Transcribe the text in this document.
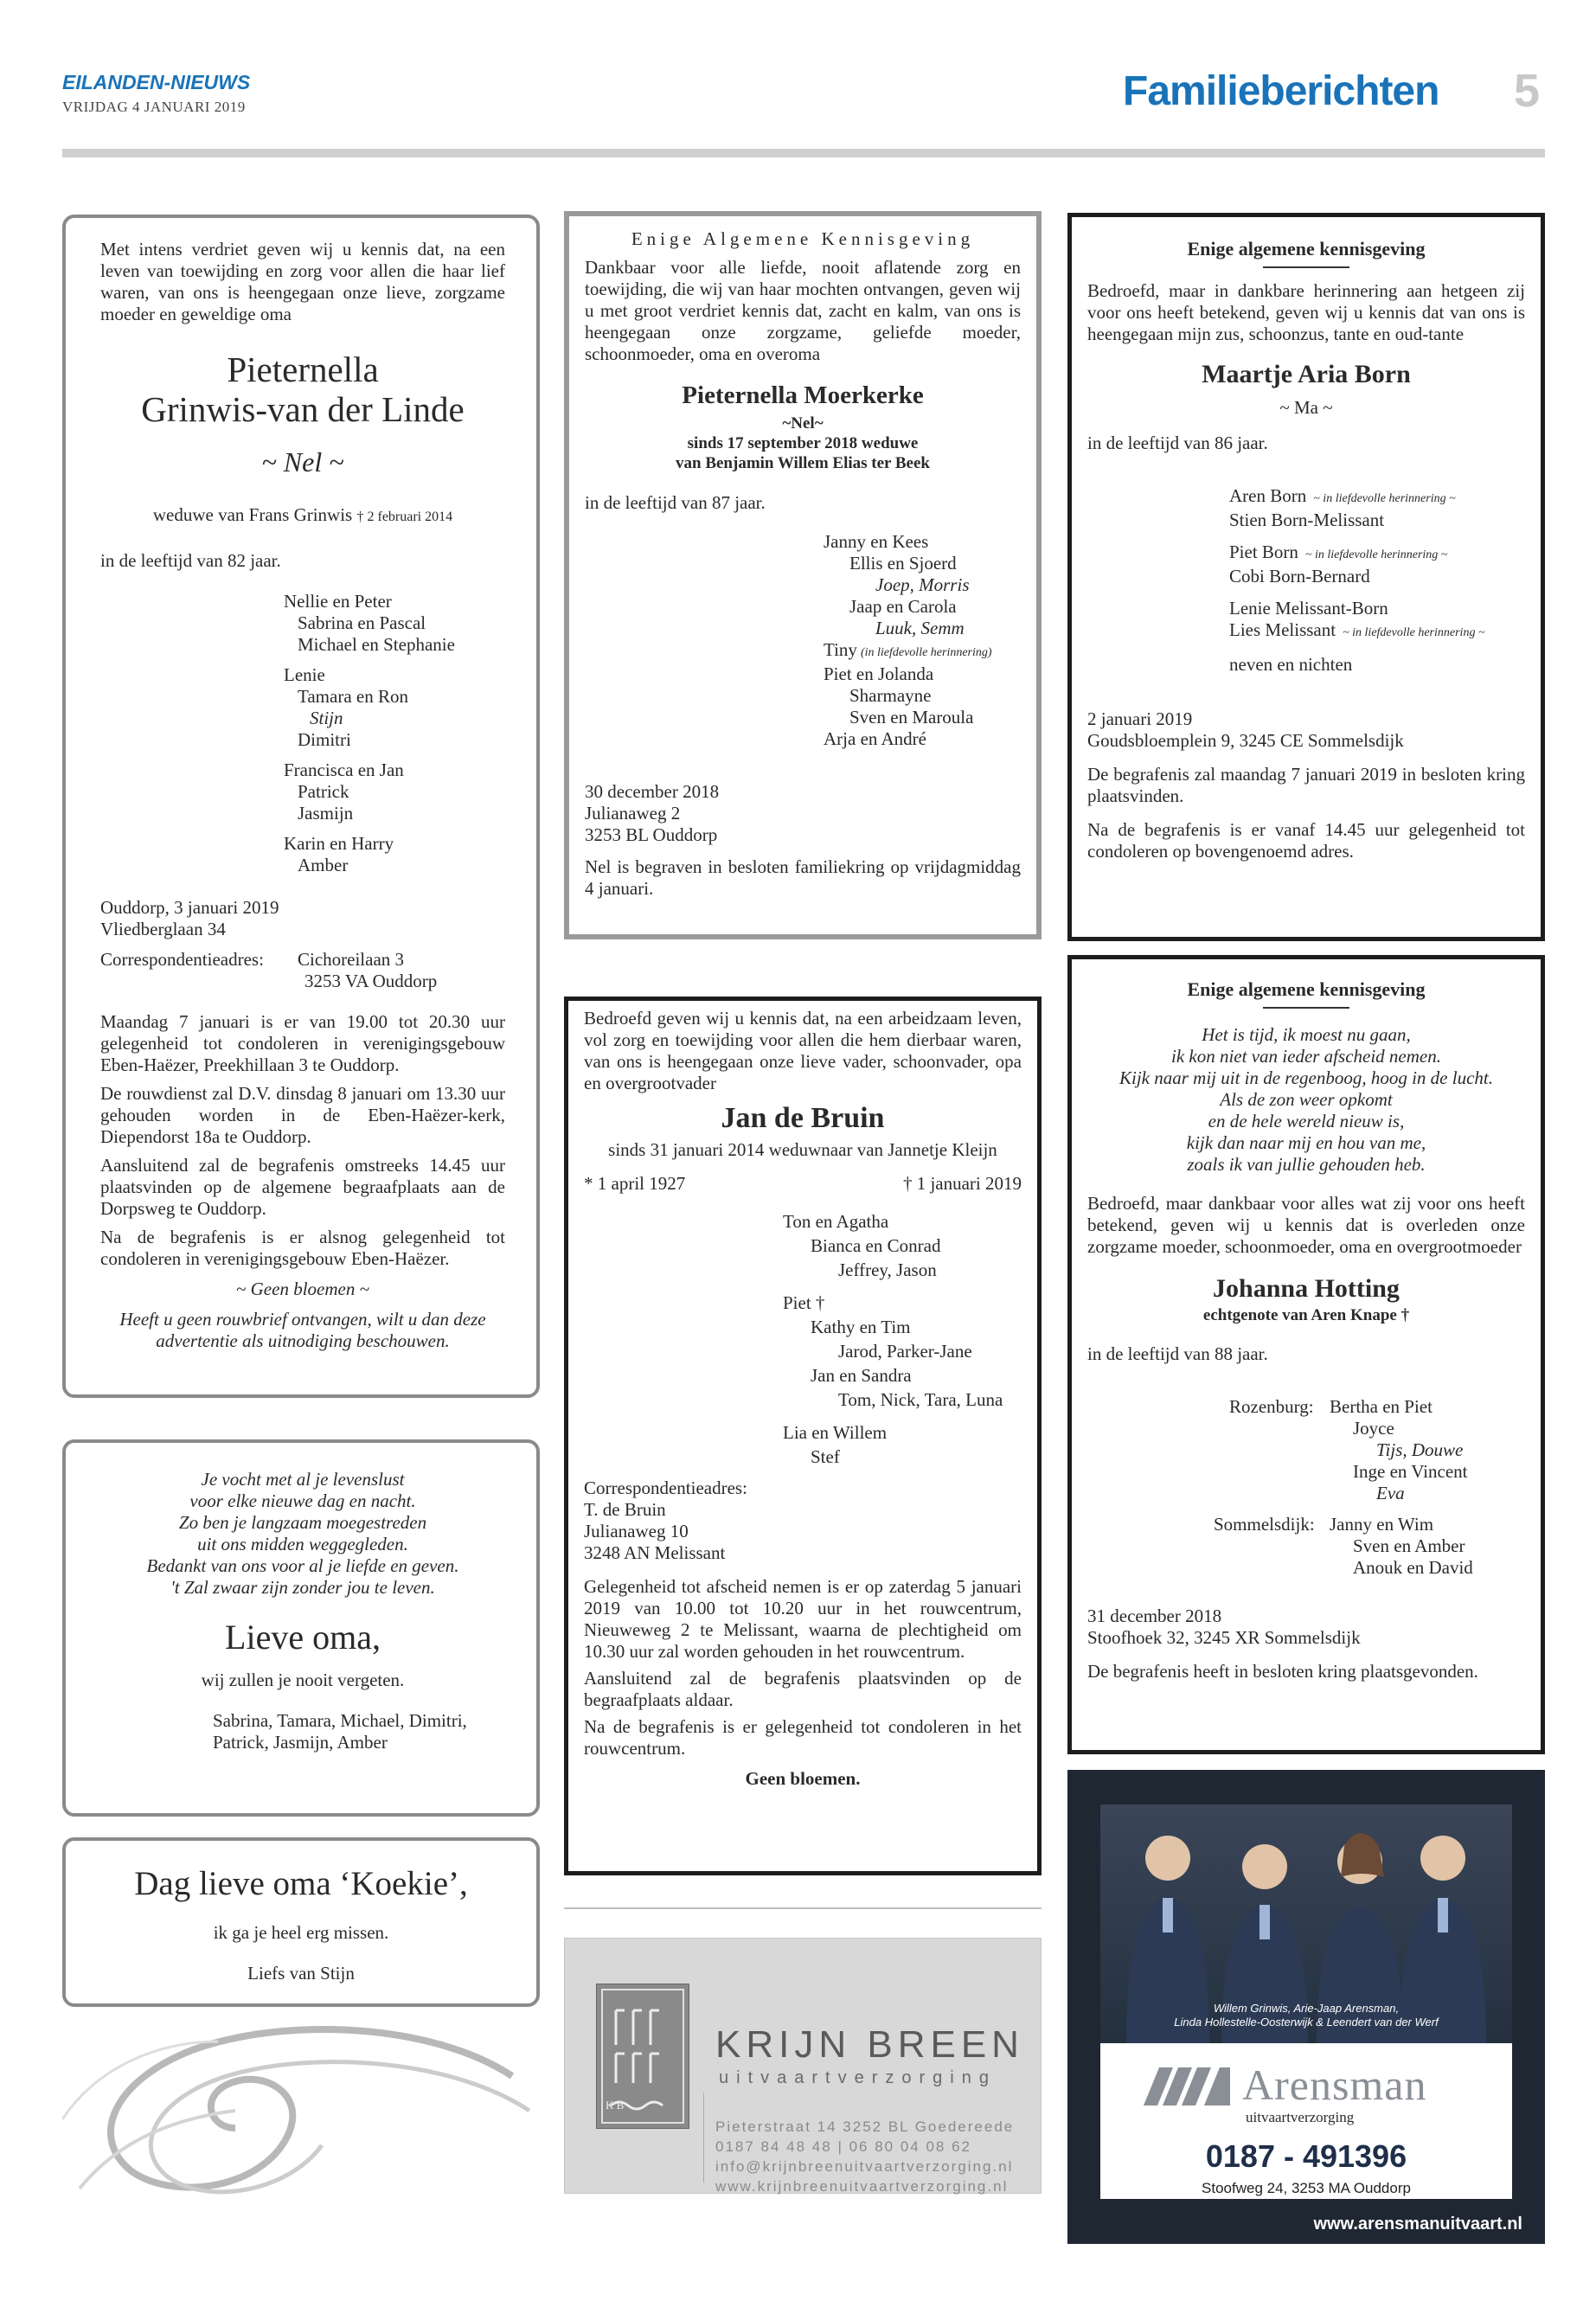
EILANDEN-NIEUWS
VRIJDAG 4 JANUARI 2019	Familieberichten 5

Met intens verdriet geven wij u kennis dat, na een leven van toewijding en zorg voor allen die haar lief waren, van ons is heengegaan onze lieve, zorgzame moeder en geweldige oma

Pieternella
Grinwis-van der Linde
~ Nel ~
weduwe van Frans Grinwis † 2 februari 2014

in de leeftijd van 82 jaar.

Nellie en Peter
Sabrina en Pascal
Michael en Stephanie
Lenie
Tamara en Ron
Stijn
Dimitri
Francisca en Jan
Patrick
Jasmijn
Karin en Harry
Amber

Ouddorp, 3 januari 2019

Vliedberglaan 34

Correspondentieadres: Cichoreilaan 3
3253 VA Ouddorp

Maandag 7 januari is er van 19.00 tot 20.30 uur gelegenheid tot condoleren in verenigingsgebouw Eben-Haëzer, Preekhillaan 3 te Ouddorp.

De rouwdienst zal D.V. dinsdag 8 januari om 13.30 uur gehouden worden in de Eben-Haëzer-kerk, Diependorst 18a te Ouddorp.

Aansluitend zal de begrafenis omstreeks 14.45 uur plaatsvinden op de algemene begraafplaats aan de Dorpsweg te Ouddorp.

Na de begrafenis is er alsnog gelegenheid tot condoleren in verenigingsgebouw Eben-Haëzer.

~ Geen bloemen ~

Heeft u geen rouwbrief ontvangen, wilt u dan deze advertentie als uitnodiging beschouwen.

Je vocht met al je levenslust
voor elke nieuwe dag en nacht.
Zo ben je langzaam moegestreden
uit ons midden weggegleden.
Bedankt van ons voor al je liefde en geven.
't Zal zwaar zijn zonder jou te leven.
Lieve oma,

wij zullen je nooit vergeten.

Sabrina, Tamara, Michael, Dimitri, Patrick, Jasmijn, Amber

Dag lieve oma ‘Koekie’,

ik ga je heel erg missen.

Liefs van Stijn

Enige Algemene Kennisgeving

Dankbaar voor alle liefde, nooit aflatende zorg en toewijding, die wij van haar mochten ontvangen, geven wij u met groot verdriet kennis dat, zacht en kalm, van ons is heengegaan onze zorgzame, geliefde moeder, schoonmoeder, oma en overoma

Pieternella Moerkerke
~Nel~
sinds 17 september 2018 weduwe
van Benjamin Willem Elias ter Beek

in de leeftijd van 87 jaar.

Janny en Kees
Ellis en Sjoerd
Joep, Morris
Jaap en Carola
Luuk, Semm
Tiny (in liefdevolle herinnering)
Piet en Jolanda
Sharmayne
Sven en Maroula
Arja en André

30 december 2018

Julianaweg 2

3253 BL Ouddorp

Nel is begraven in besloten familiekring op vrijdagmiddag 4 januari.

Bedroefd geven wij u kennis dat, na een arbeidzaam leven, vol zorg en toewijding voor allen die hem dierbaar waren, van ons is heengegaan onze lieve vader, schoonvader, opa en overgrootvader

Jan de Bruin

sinds 31 januari 2014 weduwnaar van Jannetje Kleijn

* 1 april 1927	† 1 januari 2019
Ton en Agatha
Bianca en Conrad
Jeffrey, Jason
Piet †
Kathy en Tim
Jarod, Parker-Jane
Jan en Sandra
Tom, Nick, Tara, Luna
Lia en Willem
Stef

Correspondentieadres:

T. de Bruin

Julianaweg 10

3248 AN Melissant

Gelegenheid tot afscheid nemen is er op zaterdag 5 januari 2019 van 10.00 tot 10.20 uur in het rouwcentrum, Nieuweweg 2 te Melissant, waarna de plechtigheid om 10.30 uur zal worden gehouden in het rouwcentrum.

Aansluitend zal de begrafenis plaatsvinden op de begraafplaats aldaar.

Na de begrafenis is er gelegenheid tot condoleren in het rouwcentrum.

Geen bloemen.

K B
KRIJN BREEN
uitvaartverzorging
Pieterstraat 14 3252 BL Goedereede
0187 84 48 48 | 06 80 04 08 62
info@krijnbreenuitvaartverzorging.nl
www.krijnbreenuitvaartverzorging.nl
Enige algemene kennisgeving

Bedroefd, maar in dankbare herinnering aan hetgeen zij voor ons heeft betekend, geven wij u kennis dat van ons is heengegaan mijn zus, schoonzus, tante en oud-tante

Maartje Aria Born
~ Ma ~

in de leeftijd van 86 jaar.

Aren Born ~ in liefdevolle herinnering ~
Stien Born-Melissant
Piet Born ~ in liefdevolle herinnering ~
Cobi Born-Bernard
Lenie Melissant-Born
Lies Melissant ~ in liefdevolle herinnering ~
neven en nichten

2 januari 2019

Goudsbloemplein 9, 3245 CE Sommelsdijk

De begrafenis zal maandag 7 januari 2019 in besloten kring plaatsvinden.

Na de begrafenis is er vanaf 14.45 uur gelegenheid tot condoleren op bovengenoemd adres.

Enige algemene kennisgeving
Het is tijd, ik moest nu gaan,
ik kon niet van ieder afscheid nemen.
Kijk naar mij uit in de regenboog, hoog in de lucht.
Als de zon weer opkomt
en de hele wereld nieuw is,
kijk dan naar mij en hou van me,
zoals ik van jullie gehouden heb.

Bedroefd, maar dankbaar voor alles wat zij voor ons heeft betekend, geven wij u kennis dat is overleden onze zorgzame moeder, schoonmoeder, oma en overgrootmoeder

Johanna Hotting
echtgenote van Aren Knape †

in de leeftijd van 88 jaar.

Rozenburg: Bertha en Piet
Joyce
Tijs, Douwe
Inge en Vincent
Eva
Sommelsdijk: Janny en Wim
Sven en Amber
Anouk en David

31 december 2018

Stoofhoek 32, 3245 XR Sommelsdijk

De begrafenis heeft in besloten kring plaatsgevonden.

Willem Grinwis, Arie-Jaap Arensman,
Linda Hollestelle-Oosterwijk & Leendert van der Werf
Arensman
uitvaartverzorging
0187 - 491396
Stoofweg 24, 3253 MA Ouddorp
www.arensmanuitvaart.nl
